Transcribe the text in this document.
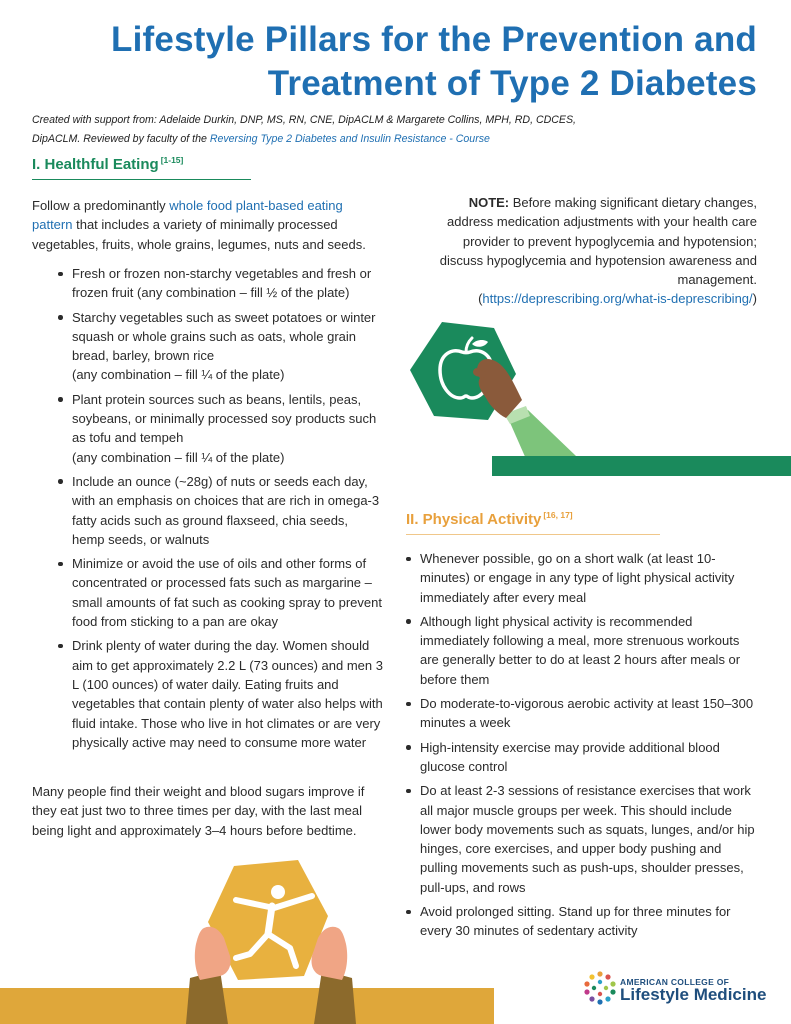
Lifestyle Pillars for the Prevention and
Treatment of Type 2 Diabetes

Created with support from: Adelaide Durkin, DNP, MS, RN, CNE, DipACLM & Margarete Collins, MPH, RD, CDCES, DipACLM. Reviewed by faculty of the Reversing Type 2 Diabetes and Insulin Resistance - Course

I. Healthful Eating [1-15]

Follow a predominantly whole food plant-based eating pattern that includes a variety of minimally processed vegetables, fruits, whole grains, legumes, nuts and seeds.

Fresh or frozen non-starchy vegetables and fresh or frozen fruit (any combination – fill ½ of the plate)
Starchy vegetables such as sweet potatoes or winter squash or whole grains such as oats, whole grain bread, barley, brown rice
(any combination – fill ¼ of the plate)
Plant protein sources such as beans, lentils, peas, soybeans, or minimally processed soy products such as tofu and tempeh
(any combination – fill ¼ of the plate)
Include an ounce (~28g) of nuts or seeds each day, with an emphasis on choices that are rich in omega-3 fatty acids such as ground flaxseed, chia seeds, hemp seeds, or walnuts
Minimize or avoid the use of oils and other forms of concentrated or processed fats such as margarine – small amounts of fat such as cooking spray to prevent food from sticking to a pan are okay
Drink plenty of water during the day. Women should aim to get approximately 2.2 L (73 ounces) and men 3 L (100 ounces) of water daily. Eating fruits and vegetables that contain plenty of water also helps with fluid intake. Those who live in hot climates or are very physically active may need to consume more water

Many people find their weight and blood sugars improve if they eat just two to three times per day, with the last meal being light and approximately 3–4 hours before bedtime.

NOTE: Before making significant dietary changes, address medication adjustments with your health care provider to prevent hypoglycemia and hypotension; discuss hypoglycemia and hypotension awareness and management.
(https://deprescribing.org/what-is-deprescribing/)

II. Physical Activity [16, 17]
Whenever possible, go on a short walk (at least 10-minutes) or engage in any type of light physical activity immediately after every meal
Although light physical activity is recommended immediately following a meal, more strenuous workouts are generally better to do at least 2 hours after meals or before them
Do moderate-to-vigorous aerobic activity at least 150–300 minutes a week
High-intensity exercise may provide additional blood glucose control
Do at least 2-3 sessions of resistance exercises that work all major muscle groups per week. This should include lower body movements such as squats, lunges, and/or hip hinges, core exercises, and upper body pushing and pulling movements such as push-ups, shoulder presses, pull-ups, and rows
Avoid prolonged sitting. Stand up for three minutes for every 30 minutes of sedentary activity

AMERICAN COLLEGE OF

Lifestyle Medicine
